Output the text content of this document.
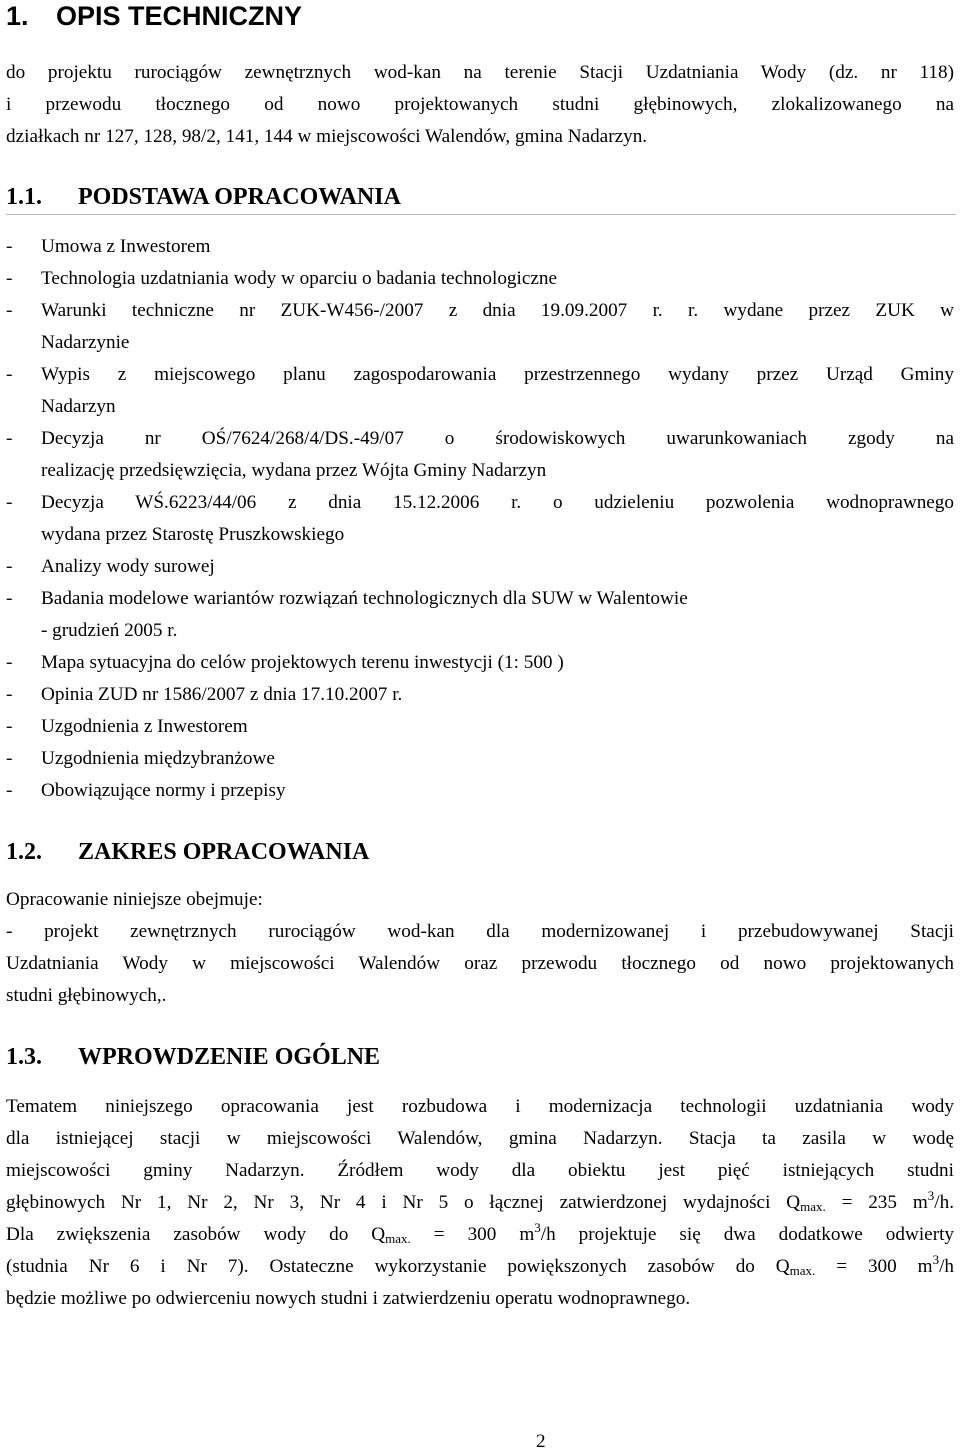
1. OPIS TECHNICZNY
do projektu rurociągów zewnętrznych wod-kan na terenie Stacji Uzdatniania Wody (dz. nr 118)
i przewodu tłocznego od nowo projektowanych studni głębinowych, zlokalizowanego na
działkach nr 127, 128, 98/2, 141, 144 w miejscowości Walendów, gmina Nadarzyn.
1.1. PODSTAWA OPRACOWANIA
- Umowa z Inwestorem
- Technologia uzdatniania wody w oparciu o badania technologiczne
- Warunki techniczne nr ZUK-W456-/2007 z dnia 19.09.2007 r. r. wydane przez ZUK w
Nadarzynie
- Wypis z miejscowego planu zagospodarowania przestrzennego wydany przez Urząd Gminy
Nadarzyn
- Decyzja nr OŚ/7624/268/4/DS.-49/07 o środowiskowych uwarunkowaniach zgody na
realizację przedsięwzięcia, wydana przez Wójta Gminy Nadarzyn
- Decyzja WŚ.6223/44/06 z dnia 15.12.2006 r. o udzieleniu pozwolenia wodnoprawnego
wydana przez Starostę Pruszkowskiego
- Analizy wody surowej
- Badania modelowe wariantów rozwiązań technologicznych dla SUW w Walentowie
- grudzień 2005 r.
- Mapa sytuacyjna do celów projektowych terenu inwestycji (1: 500 )
- Opinia ZUD nr 1586/2007 z dnia 17.10.2007 r.
- Uzgodnienia z Inwestorem
- Uzgodnienia międzybranżowe
- Obowiązujące normy i przepisy
1.2. ZAKRES OPRACOWANIA
Opracowanie niniejsze obejmuje:
- projekt zewnętrznych rurociągów wod-kan dla modernizowanej i przebudowywanej Stacji
Uzdatniania Wody w miejscowości Walendów oraz przewodu tłocznego od nowo projektowanych
studni głębinowych,.
1.3. WPROWDZENIE OGÓLNE
Tematem niniejszego opracowania jest rozbudowa i modernizacja technologii uzdatniania wody
dla istniejącej stacji w miejscowości Walendów, gmina Nadarzyn. Stacja ta zasila w wodę
miejscowości gminy Nadarzyn. Źródłem wody dla obiektu jest pięć istniejących studni
głębinowych Nr 1, Nr 2, Nr 3, Nr 4 i Nr 5 o łącznej zatwierdzonej wydajności $Q_{max.} = 235$ $m^3/h$.
Dla zwiększenia zasobów wody do $Q_{max.} = 300$ $m^3/h$ projektuje się dwa dodatkowe odwierty
(studnia Nr 6 i Nr 7). Ostateczne wykorzystanie powiększonych zasobów do $Q_{max.} = 300$ $m^3/h$
będzie możliwe po odwierceniu nowych studni i zatwierdzeniu operatu wodnoprawnego.
2
